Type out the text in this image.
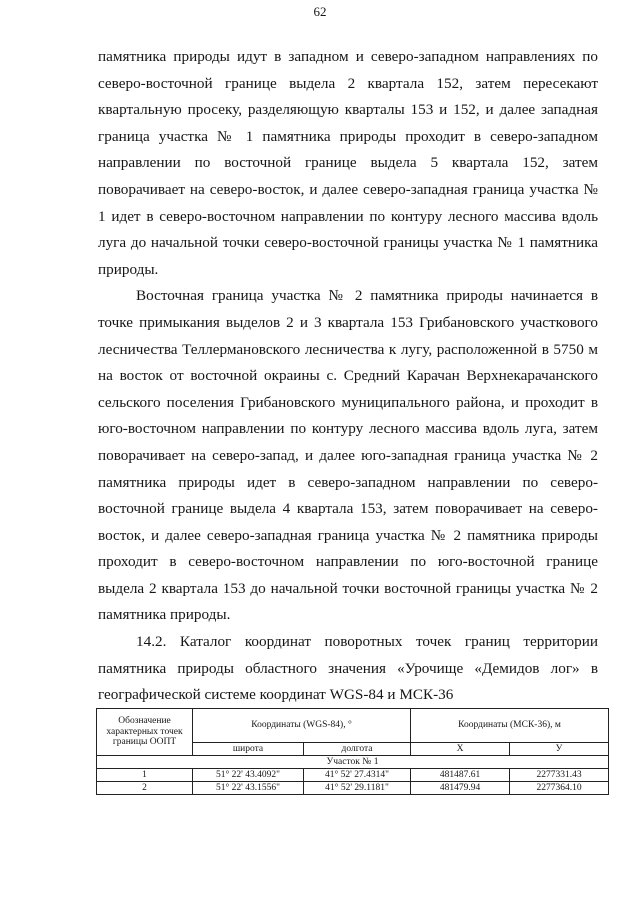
62

памятника природы идут в западном и северо-западном направлениях по северо-восточной границе выдела 2 квартала 152, затем пересекают квартальную просеку, разделяющую кварталы 153 и 152, и далее западная граница участка № 1 памятника природы проходит в северо-западном направлении по восточной границе выдела 5 квартала 152, затем поворачивает на северо-восток, и далее северо-западная граница участка № 1 идет в северо-восточном направлении по контуру лесного массива вдоль луга до начальной точки северо-восточной границы участка № 1 памятника природы.

Восточная граница участка № 2 памятника природы начинается в точке примыкания выделов 2 и 3 квартала 153 Грибановского участкового лесничества Теллермановского лесничества к лугу, расположенной в 5750 м на восток от восточной окраины с. Средний Карачан Верхнекарачанского сельского поселения Грибановского муниципального района, и проходит в юго-восточном направлении по контуру лесного массива вдоль луга, затем поворачивает на северо-запад, и далее юго-западная граница участка № 2 памятника природы идет в северо-западном направлении по северо-восточной границе выдела 4 квартала 153, затем поворачивает на северо-восток, и далее северо-западная граница участка № 2 памятника природы проходит в северо-восточном направлении по юго-восточной границе выдела 2 квартала 153 до начальной точки восточной границы участка № 2 памятника природы.

14.2. Каталог координат поворотных точек границ территории памятника природы областного значения «Урочище «Демидов лог» в географической системе координат WGS-84 и МСК-36

Обозначение характерных точек границы ООПТ	Координаты (WGS-84), °		Координаты (МСК-36), м	
	широта	долгота	X	У
Участок № 1				
1	51° 22' 43.4092"	41° 52' 27.4314"	481487.61	2277331.43
2	51° 22' 43.1556"	41° 52' 29.1181"	481479.94	2277364.10
